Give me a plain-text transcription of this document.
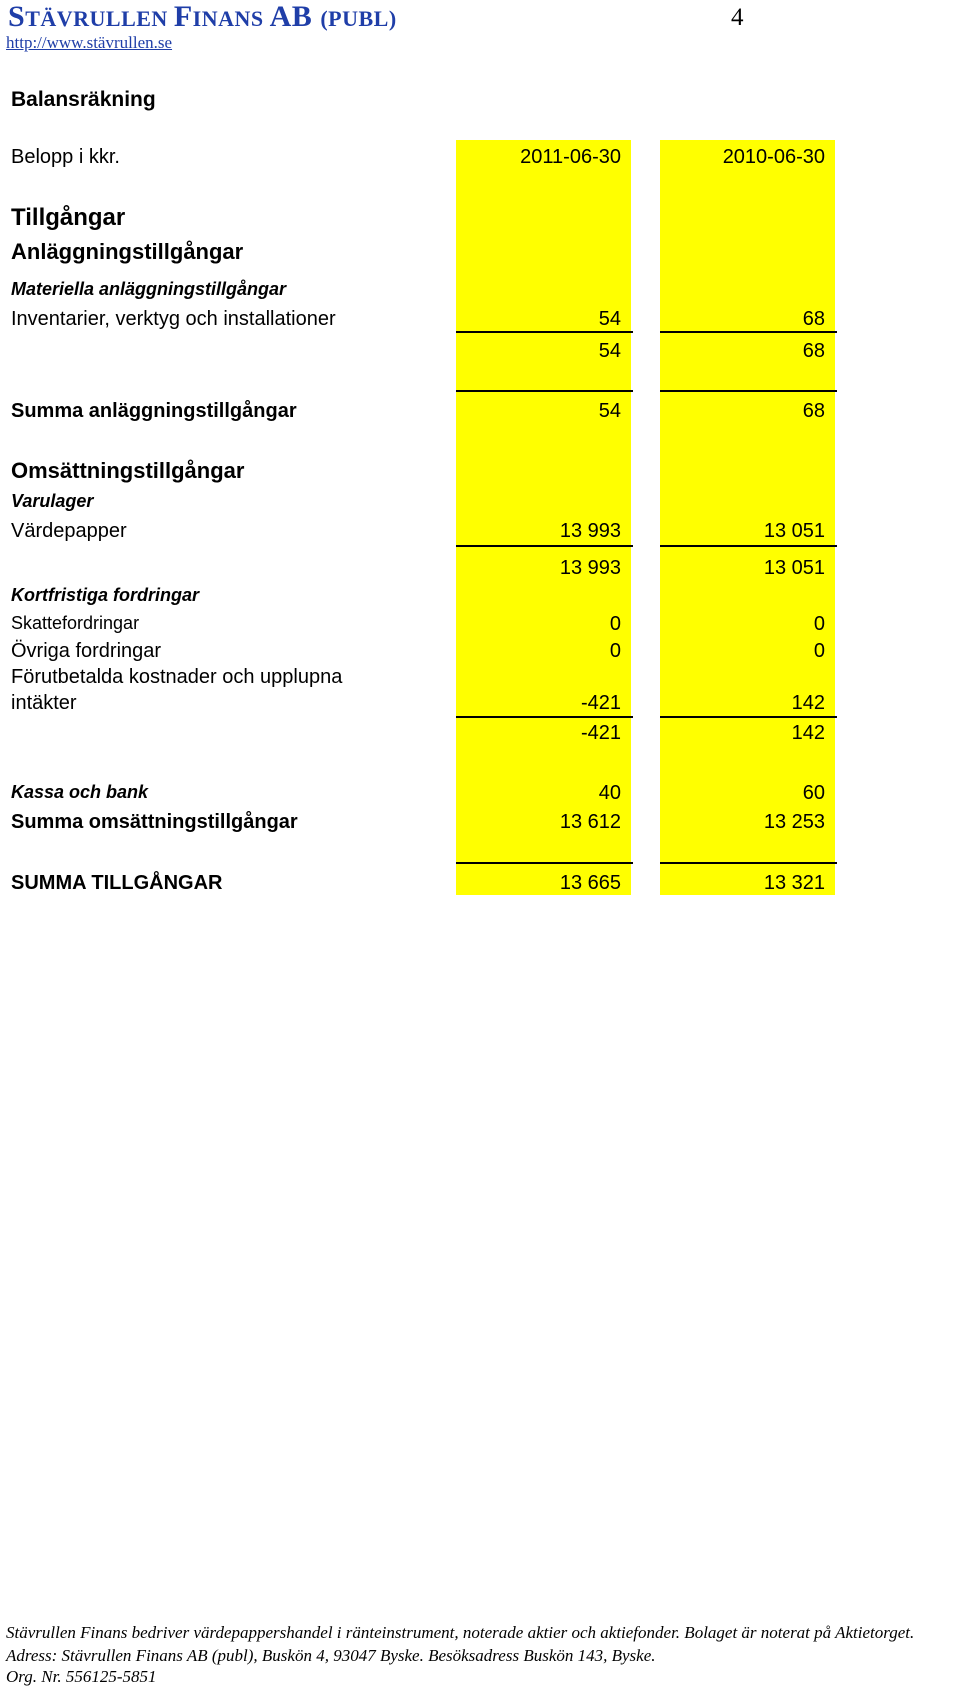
STÄVRULLEN FINANS AB (PUBL)	4
http://www.stävrullen.se
Balansräkning
Belopp i kkr.	2011-06-30	2010-06-30
Tillgångar
Anläggningstillgångar
Materiella anläggningstillgångar
Inventarier, verktyg och installationer	54	68
54	68
Summa anläggningstillgångar	54	68
Omsättningstillgångar
Varulager
Värdepapper	13 993	13 051
13 993	13 051
Kortfristiga fordringar
Skattefordringar	0	0
Övriga fordringar	0	0
Förutbetalda kostnader och upplupna
intäkter	-421	142
-421	142
Kassa och bank	40	60
Summa omsättningstillgångar	13 612	13 253
SUMMA TILLGÅNGAR	13 665	13 321
Stävrullen Finans bedriver värdepappershandel i ränteinstrument, noterade aktier och aktiefonder. Bolaget är noterat på Aktietorget.
Adress: Stävrullen Finans AB (publ), Buskön 4, 93047 Byske. Besöksadress Buskön 143, Byske.
Org. Nr. 556125-5851
